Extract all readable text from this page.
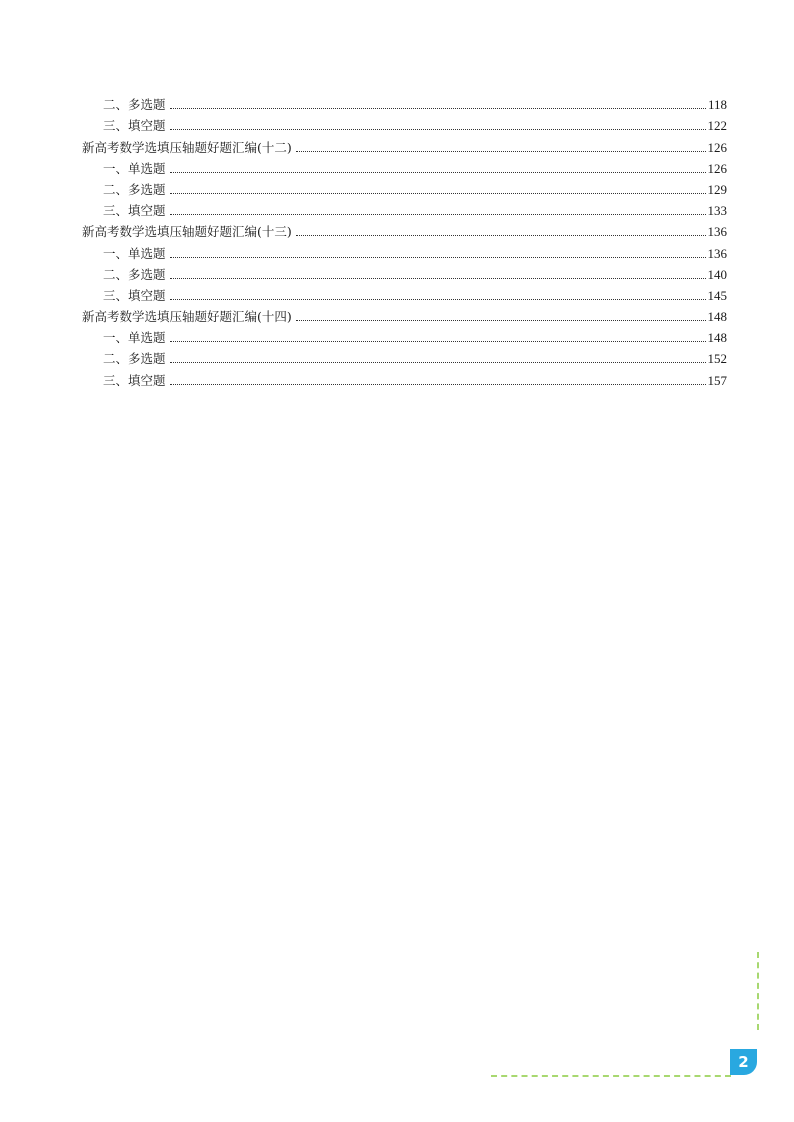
二、多选题	118
三、填空题	122
新高考数学选填压轴题好题汇编(十二)	126
一、单选题	126
二、多选题	129
三、填空题	133
新高考数学选填压轴题好题汇编(十三)	136
一、单选题	136
二、多选题	140
三、填空题	145
新高考数学选填压轴题好题汇编(十四)	148
一、单选题	148
二、多选题	152
三、填空题	157
2
